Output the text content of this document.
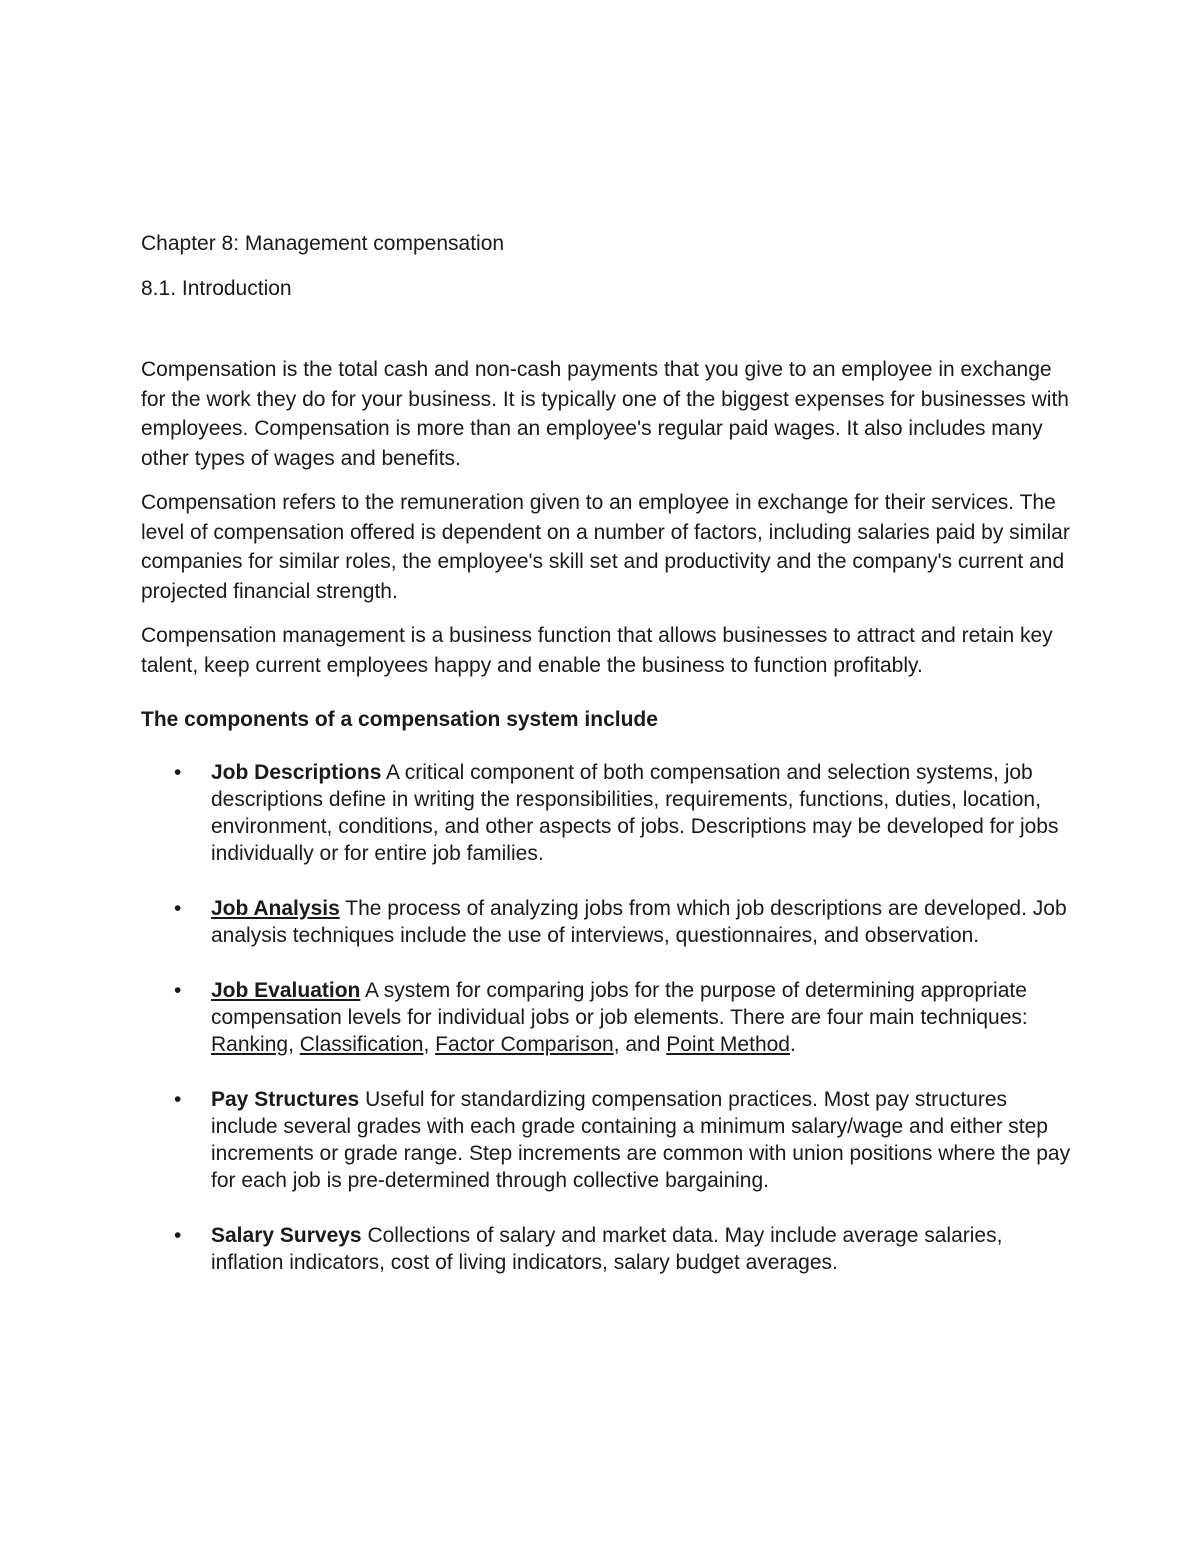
Chapter 8: Management compensation
8.1. Introduction

Compensation is the total cash and non-cash payments that you give to an employee in exchange for the work they do for your business. It is typically one of the biggest expenses for businesses with employees. Compensation is more than an employee's regular paid wages. It also includes many other types of wages and benefits.

Compensation refers to the remuneration given to an employee in exchange for their services. The level of compensation offered is dependent on a number of factors, including salaries paid by similar companies for similar roles, the employee's skill set and productivity and the company's current and projected financial strength.

Compensation management is a business function that allows businesses to attract and retain key talent, keep current employees happy and enable the business to function profitably.

The components of a compensation system include

• Job Descriptions A critical component of both compensation and selection systems, job descriptions define in writing the responsibilities, requirements, functions, duties, location, environment, conditions, and other aspects of jobs. Descriptions may be developed for jobs individually or for entire job families.
• Job Analysis The process of analyzing jobs from which job descriptions are developed. Job analysis techniques include the use of interviews, questionnaires, and observation.
• Job Evaluation A system for comparing jobs for the purpose of determining appropriate compensation levels for individual jobs or job elements. There are four main techniques: Ranking, Classification, Factor Comparison, and Point Method.
• Pay Structures Useful for standardizing compensation practices. Most pay structures include several grades with each grade containing a minimum salary/wage and either step increments or grade range. Step increments are common with union positions where the pay for each job is pre-determined through collective bargaining.
• Salary Surveys Collections of salary and market data. May include average salaries, inflation indicators, cost of living indicators, salary budget averages.
